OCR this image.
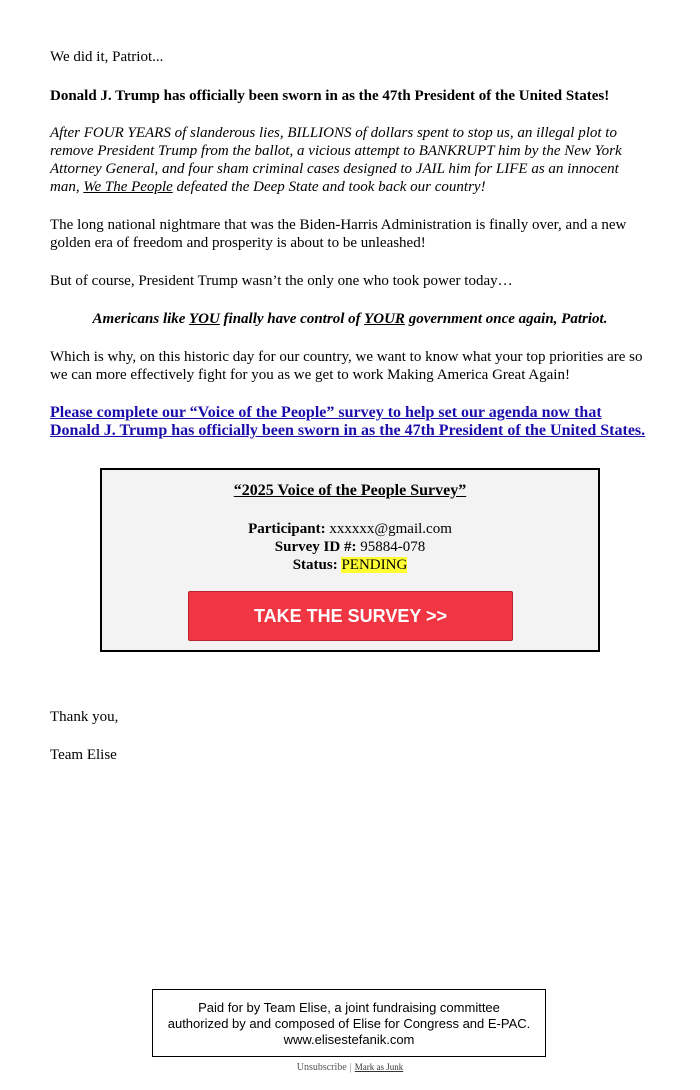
We did it, Patriot...

Donald J. Trump has officially been sworn in as the 47th President of the United States!

After FOUR YEARS of slanderous lies, BILLIONS of dollars spent to stop us, an illegal plot to remove President Trump from the ballot, a vicious attempt to BANKRUPT him by the New York Attorney General, and four sham criminal cases designed to JAIL him for LIFE as an innocent man, We The People defeated the Deep State and took back our country!

The long national nightmare that was the Biden-Harris Administration is finally over, and a new golden era of freedom and prosperity is about to be unleashed!

But of course, President Trump wasn’t the only one who took power today…

Americans like YOU finally have control of YOUR government once again, Patriot.

Which is why, on this historic day for our country, we want to know what your top priorities are so we can more effectively fight for you as we get to work Making America Great Again!

Please complete our “Voice of the People” survey to help set our agenda now that Donald J. Trump has officially been sworn in as the 47th President of the United States.
“2025 Voice of the People Survey”
Participant: xxxxxx@gmail.com
Survey ID #: 95884-078
Status: PENDING
TAKE THE SURVEY >>

Thank you,

Team Elise

Paid for by Team Elise, a joint fundraising committee authorized by and composed of Elise for Congress and E-PAC. www.elisestefanik.com
Unsubscribe | Mark as Junk
